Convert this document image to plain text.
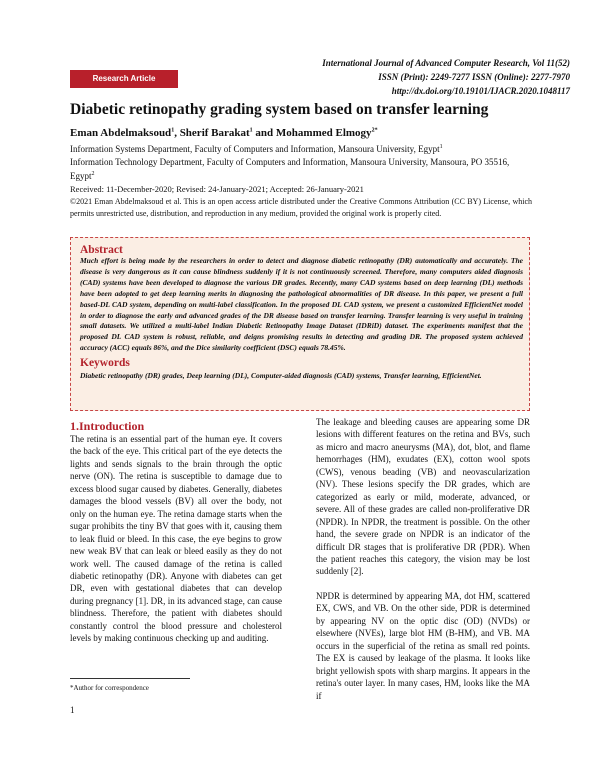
International Journal of Advanced Computer Research, Vol 11(52)
ISSN (Print): 2249-7277 ISSN (Online): 2277-7970
http://dx.doi.org/10.19101/IJACR.2020.1048117
Research Article
Diabetic retinopathy grading system based on transfer learning
Eman Abdelmaksoud$^1$, Sherif Barakat$^1$ and Mohammed Elmogy$^{2*}$
Information Systems Department, Faculty of Computers and Information, Mansoura University, Egypt$^1$
Information Technology Department, Faculty of Computers and Information, Mansoura University, Mansoura, PO 35516, Egypt$^2$
Received: 11-December-2020; Revised: 24-January-2021; Accepted: 26-January-2021
©2021 Eman Abdelmaksoud et al. This is an open access article distributed under the Creative Commons Attribution (CC BY) License, which permits unrestricted use, distribution, and reproduction in any medium, provided the original work is properly cited.
Abstract

Much effort is being made by the researchers in order to detect and diagnose diabetic retinopathy (DR) automatically and accurately. The disease is very dangerous as it can cause blindness suddenly if it is not continuously screened. Therefore, many computers aided diagnosis (CAD) systems have been developed to diagnose the various DR grades. Recently, many CAD systems based on deep learning (DL) methods have been adopted to get deep learning merits in diagnosing the pathological abnormalities of DR disease. In this paper, we present a full based-DL CAD system, depending on multi-label classification. In the proposed DL CAD system, we present a customized EfficientNet model in order to diagnose the early and advanced grades of the DR disease based on transfer learning. Transfer learning is very useful in training small datasets. We utilized a multi-label Indian Diabetic Retinopathy Image Dataset (IDRiD) dataset. The experiments manifest that the proposed DL CAD system is robust, reliable, and deigns promising results in detecting and grading DR. The proposed system achieved accuracy (ACC) equals 86%, and the Dice similarity coefficient (DSC) equals 78.45%.

Keywords

Diabetic retinopathy (DR) grades, Deep learning (DL), Computer-aided diagnosis (CAD) systems, Transfer learning, EfficientNet.

1.Introduction

The retina is an essential part of the human eye. It covers the back of the eye. This critical part of the eye detects the lights and sends signals to the brain through the optic nerve (ON). The retina is susceptible to damage due to excess blood sugar caused by diabetes. Generally, diabetes damages the blood vessels (BV) all over the body, not only on the human eye. The retina damage starts when the sugar prohibits the tiny BV that goes with it, causing them to leak fluid or bleed. In this case, the eye begins to grow new weak BV that can leak or bleed easily as they do not work well. The caused damage of the retina is called diabetic retinopathy (DR). Anyone with diabetes can get DR, even with gestational diabetes that can develop during pregnancy [1]. DR, in its advanced stage, can cause blindness. Therefore, the patient with diabetes should constantly control the blood pressure and cholesterol levels by making continuous checking up and auditing.

The leakage and bleeding causes are appearing some DR lesions with different features on the retina and BVs, such as micro and macro aneurysms (MA), dot, blot, and flame hemorrhages (HM), exudates (EX), cotton wool spots (CWS), venous beading (VB) and neovascularization (NV). These lesions specify the DR grades, which are categorized as early or mild, moderate, advanced, or severe. All of these grades are called non-proliferative DR (NPDR). In NPDR, the treatment is possible. On the other hand, the severe grade on NPDR is an indicator of the difficult DR stages that is proliferative DR (PDR). When the patient reaches this category, the vision may be lost suddenly [2].

NPDR is determined by appearing MA, dot HM, scattered EX, CWS, and VB. On the other side, PDR is determined by appearing NV on the optic disc (OD) (NVDs) or elsewhere (NVEs), large blot HM (B-HM), and VB. MA occurs in the superficial of the retina as small red points. The EX is caused by leakage of the plasma. It looks like bright yellowish spots with sharp margins. It appears in the retina's outer layer. In many cases, HM, looks like the MA if

*Author for correspondence
1
